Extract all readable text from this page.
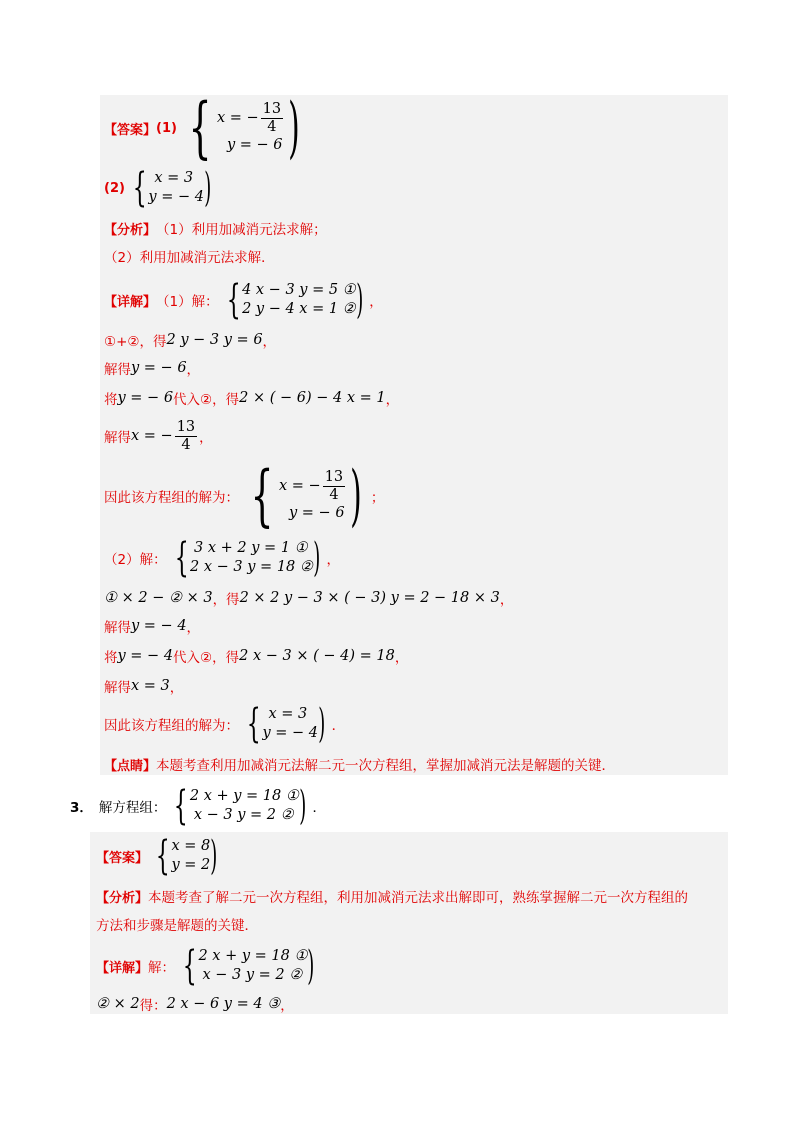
【答案】 (1) { x = − $\frac{13}{4}$
y = − 6 )
(2) { x = 3
y = − 4 )
【分析】 （1）利用加减消元法求解；
（2）利用加减消元法求解．
【详解】 （1）解： { 4 x − 3 y = 5 ①
2 y − 4 x = 1 ② ) ，
①+②，得 2 y − 3 y = 6 ，
解得 y = − 6 ，
将 y = − 6 代入②，得 2 × ( − 6) − 4 x = 1 ，
解得 x = − $\frac{13}{4}$ ，
因此该方程组的解为： { x = − $\frac{13}{4}$
y = − 6 ) ；
（2）解： { 3 x + 2 y = 1 ①
2 x − 3 y = 18 ② ) ，
① × 2 − ② × 3 ，得 2 × 2 y − 3 × ( − 3) y = 2 − 18 × 3 ，
解得 y = − 4 ，
将 y = − 4 代入②，得 2 x − 3 × ( − 4) = 18 ，
解得 x = 3 ，
因此该方程组的解为： { x = 3
y = − 4 ) ．
【点睛】 本题考查利用加减消元法解二元一次方程组，掌握加减消元法是解题的关键．
3． 解方程组： { 2 x + y = 18 ①
x − 3 y = 2 ② ) ．
【答案】 { x = 8
y = 2 )
【分析】 本题考查了解二元一次方程组，利用加减消元法求出解即可，熟练掌握解二元一次方程组的
方法和步骤是解题的关键．
【详解】 解： { 2 x + y = 18 ①
x − 3 y = 2 ② )
② × 2 得： 2 x − 6 y = 4 ③ ，
